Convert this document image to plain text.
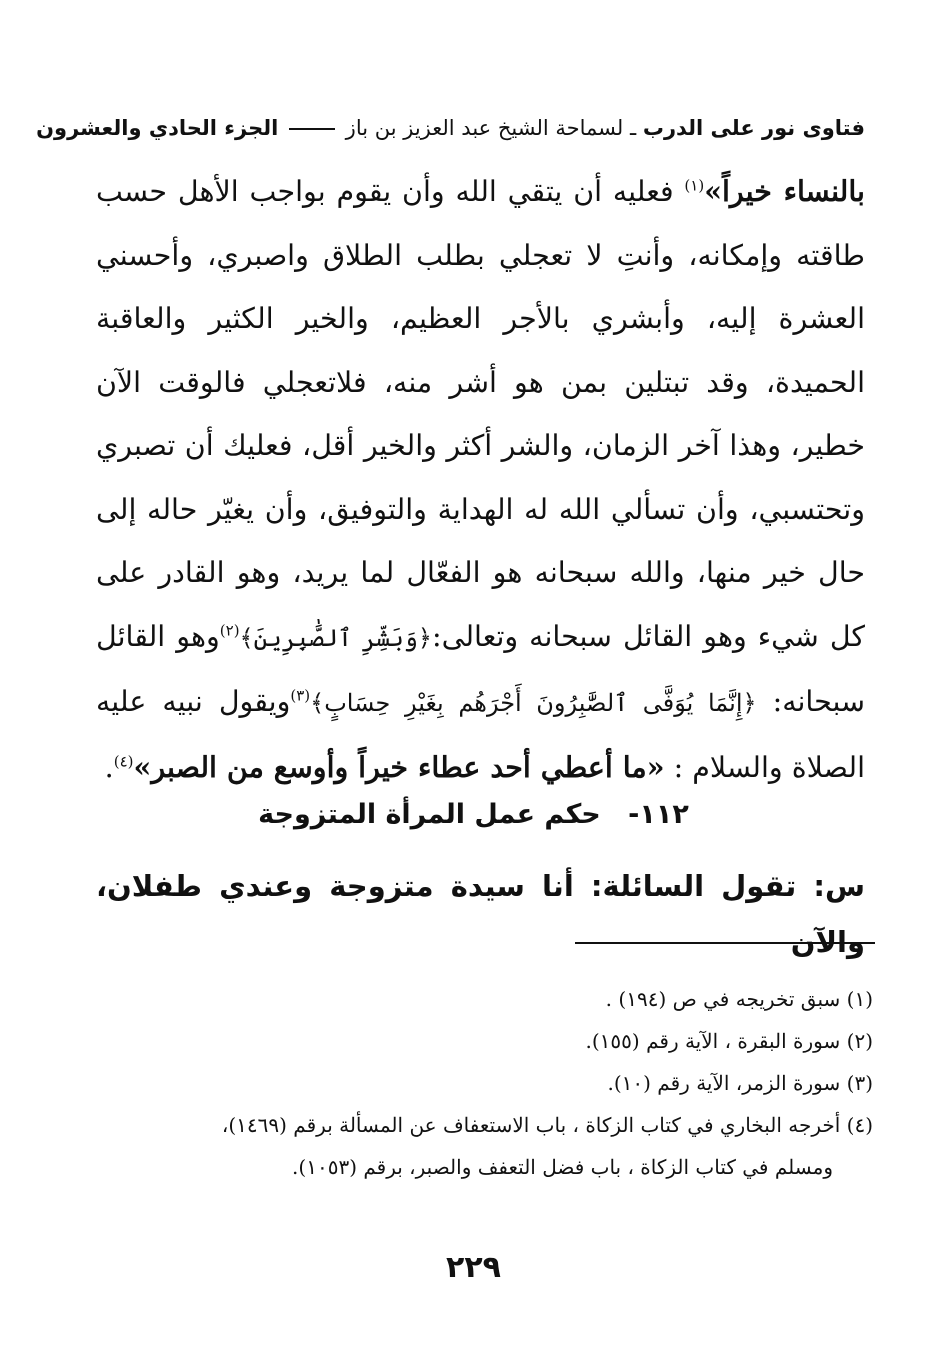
فتاوى نور على الدرب ـ لسماحة الشيخ عبد العزيز بن باز  الجزء الحادي والعشرون

بالنساء خيراً»$^{(١)}$ فعليه أن يتقي الله وأن يقوم بواجب الأهل حسب طاقته وإمكانه، وأنتِ لا تعجلي بطلب الطلاق واصبري، وأحسني العشرة إليه، وأبشري بالأجر العظيم، والخير الكثير والعاقبة الحميدة، وقد تبتلين بمن هو أشر منه، فلاتعجلي فالوقت الآن خطير، وهذا آخر الزمان، والشر أكثر والخير أقل، فعليك أن تصبري وتحتسبي، وأن تسألي الله له الهداية والتوفيق، وأن يغيّر حاله إلى حال خير منها، والله سبحانه هو الفعّال لما يريد، وهو القادر على كل شيء وهو القائل سبحانه وتعالى:﴿وَبَشِّرِ ٱلصَّٰبِرِينَ﴾$^{(٢)}$وهو القائل سبحانه: ﴿إِنَّمَا يُوَفَّى ٱلصَّٰبِرُونَ أَجْرَهُم بِغَيْرِ حِسَابٍ﴾$^{(٣)}$ويقول نبيه عليه الصلاة والسلام : «ما أعطي أحد عطاء خيراً وأوسع من الصبر»$^{(٤)}$.

١١٢- حكم عمل المرأة المتزوجة
س: تقول السائلة: أنا سيدة متزوجة وعندي طفلان، والآن

(١) سبق تخريجه في ص (١٩٤) .

(٢) سورة البقرة ، الآية رقم (١٥٥).

(٣) سورة الزمر، الآية رقم (١٠).

(٤) أخرجه البخاري في كتاب الزكاة ، باب الاستعفاف عن المسألة برقم (١٤٦٩)،

ومسلم في كتاب الزكاة ، باب فضل التعفف والصبر، برقم (١٠٥٣).

٢٢٩
